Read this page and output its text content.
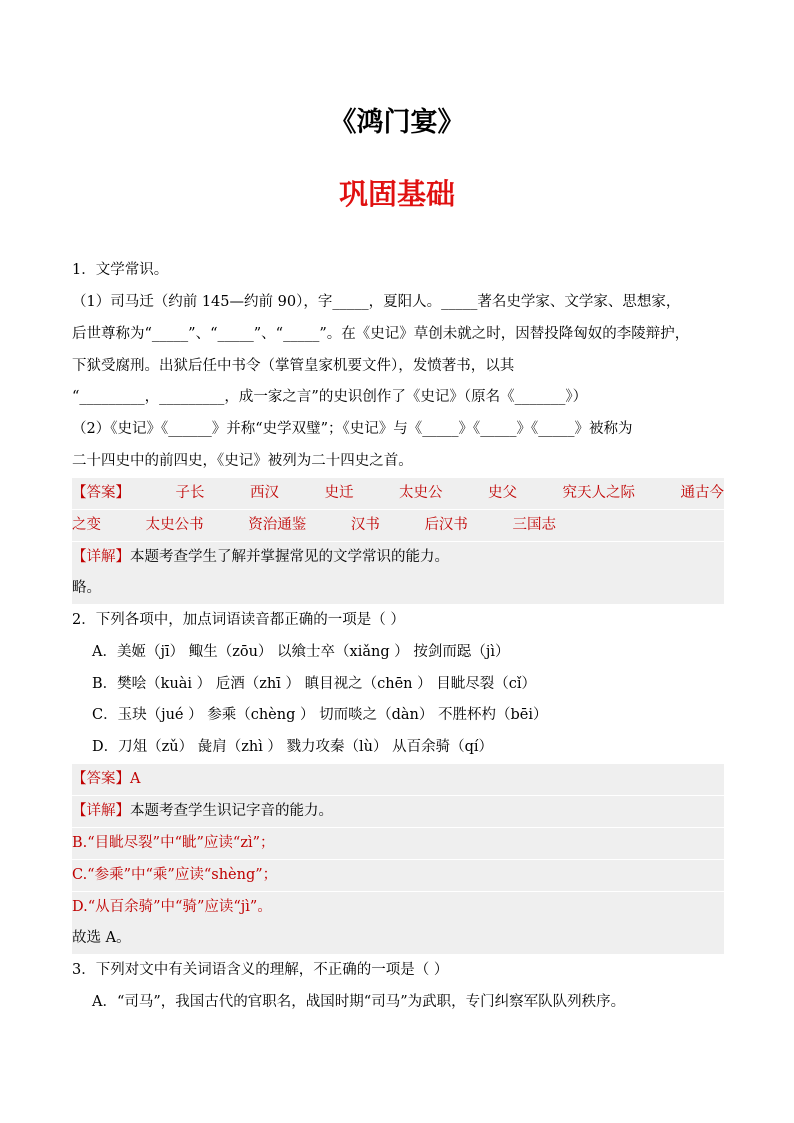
《鸿门宴》
巩固基础
1．文学常识。
（1）司马迁（约前 145—约前 90），字_____，夏阳人。_____著名史学家、文学家、思想家，
后世尊称为“_____”、“_____”、“_____”。在《史记》草创未就之时，因替投降匈奴的李陵辩护，
下狱受腐刑。出狱后任中书令（掌管皇家机要文件），发愤著书，以其
“_________，_________，成一家之言”的史识创作了《史记》（原名《_______》）
（2）《史记》《______》并称“史学双璧”；《史记》与《_____》《_____》《_____》被称为
二十四史中的前四史，《史记》被列为二十四史之首。
【答案】	子长	西汉	史迁	太史公	史父	究天人之际	通古今
之变	太史公书	资治通鉴	汉书	后汉书	三国志
【详解】本题考查学生了解并掌握常见的文学常识的能力。
略。
2．下列各项中，加点词语读音都正确的一项是（ ）
A．美姬（jī） 鲰生（zōu） 以飨士卒（xiǎng ） 按剑而跽（jì）
B．樊哙（kuài ） 卮酒（zhī ） 瞋目视之（chēn ） 目眦尽裂（cǐ）
C．玉玦（jué ） 参乘（chèng ） 切而啖之（dàn） 不胜杯杓（bēi）
D．刀俎（zǔ） 彘肩（zhì ） 戮力攻秦（lù） 从百余骑（qí）
【答案】A
【详解】本题考查学生识记字音的能力。
B.“目眦尽裂”中“眦”应读“zì”；
C.“参乘”中“乘”应读“shèng”；
D.“从百余骑”中“骑”应读“jì”。
故选 A。
3．下列对文中有关词语含义的理解，不正确的一项是（ ）
A．“司马”，我国古代的官职名，战国时期“司马”为武职，专门纠察军队队列秩序。
